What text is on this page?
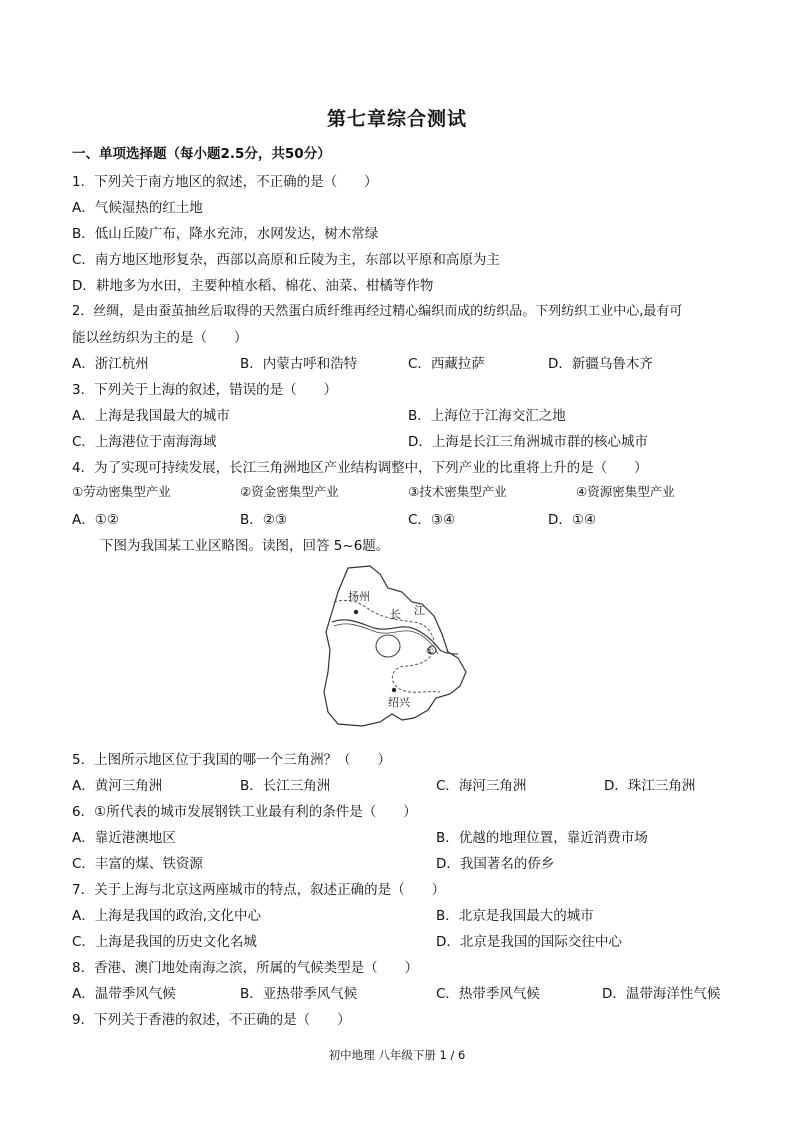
第七章综合测试
一、单项选择题（每小题2.5分，共50分）
1．下列关于南方地区的叙述，不正确的是（　　）
A．气候湿热的红土地
B．低山丘陵广布，降水充沛，水网发达，树木常绿
C．南方地区地形复杂，西部以高原和丘陵为主，东部以平原和高原为主
D．耕地多为水田，主要种植水稻、棉花、油菜、柑橘等作物
2．丝绸，是由蚕茧抽丝后取得的天然蛋白质纤维再经过精心编织而成的纺织品。下列纺织工业中心,最有可
能以丝纺织为主的是（　　）
A．浙江杭州	B．内蒙古呼和浩特	C．西藏拉萨	D．新疆乌鲁木齐
3．下列关于上海的叙述，错误的是（　　）
A．上海是我国最大的城市	B．上海位于江海交汇之地
C．上海港位于南海海域	D．上海是长江三角洲城市群的核心城市
4．为了实现可持续发展，长江三角洲地区产业结构调整中，下列产业的比重将上升的是（　　）
①劳动密集型产业	②资金密集型产业	③技术密集型产业	④资源密集型产业
A．①②	B．②③	C．③④	D．①④
下图为我国某工业区略图。读图，回答 5~6题。
扬州
长 江
①
绍兴
5．上图所示地区位于我国的哪一个三角洲？（　　）
A．黄河三角洲	B．长江三角洲	C．海河三角洲	D．珠江三角洲
6．①所代表的城市发展钢铁工业最有利的条件是（　　）
A．靠近港澳地区	B．优越的地理位置，靠近消费市场
C．丰富的煤、铁资源	D．我国著名的侨乡
7．关于上海与北京这两座城市的特点，叙述正确的是（　　）
A．上海是我国的政治,文化中心	B．北京是我国最大的城市
C．上海是我国的历史文化名城	D．北京是我国的国际交往中心
8．香港、澳门地处南海之滨，所属的气候类型是（　　）
A．温带季风气候	B．亚热带季风气候	C．热带季风气候	D．温带海洋性气候
9．下列关于香港的叙述，不正确的是（　　）
初中地理 八年级下册 1 / 6
